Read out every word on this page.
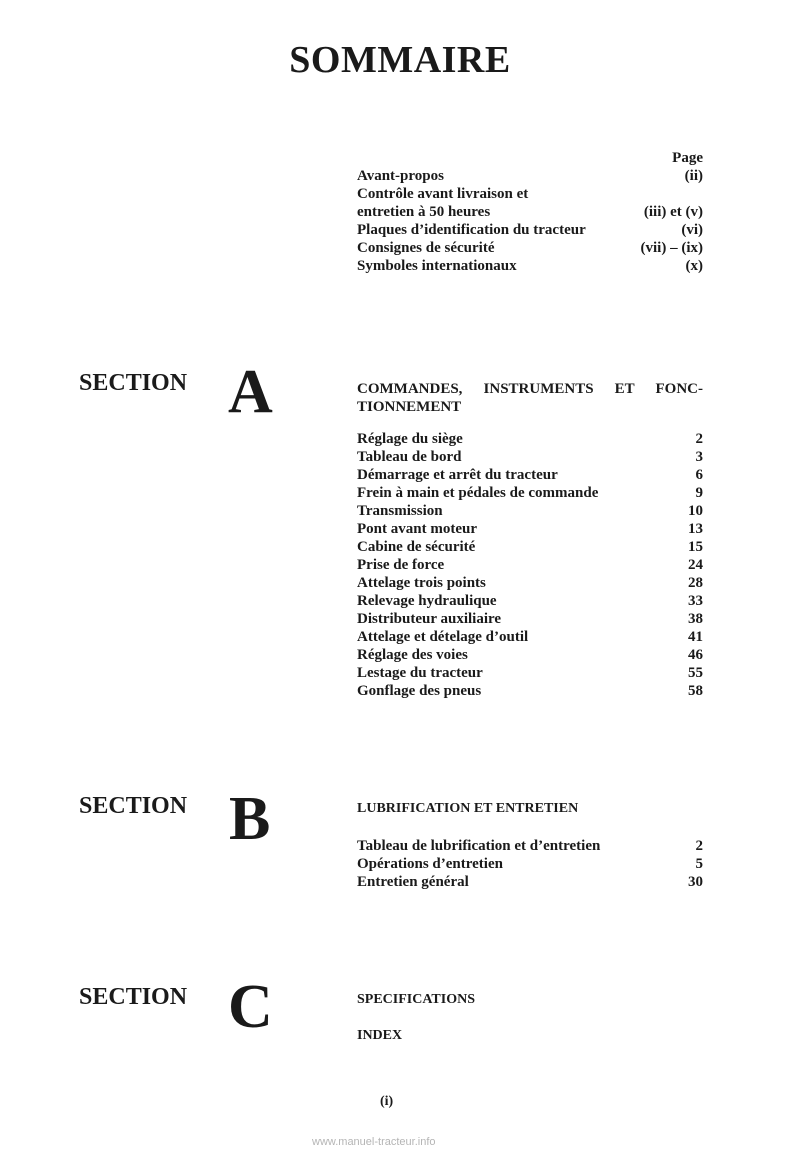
SOMMAIRE
Page
Avant-propos	(ii)
Contrôle avant livraison et
entretien à 50 heures	(iii) et (v)
Plaques d’identification du tracteur	(vi)
Consignes de sécurité	(vii) – (ix)
Symboles internationaux	(x)
SECTION A	COMMANDES, INSTRUMENTS ET FONC-TIONNEMENT
Réglage du siège	2
Tableau de bord	3
Démarrage et arrêt du tracteur	6
Frein à main et pédales de commande	9
Transmission	10
Pont avant moteur	13
Cabine de sécurité	15
Prise de force	24
Attelage trois points	28
Relevage hydraulique	33
Distributeur auxiliaire	38
Attelage et dételage d’outil	41
Réglage des voies	46
Lestage du tracteur	55
Gonflage des pneus	58
SECTION B	LUBRIFICATION ET ENTRETIEN
Tableau de lubrification et d’entretien	2
Opérations d’entretien	5
Entretien général	30
SECTION C	SPECIFICATIONS
INDEX
(i)
www.manuel-tracteur.info
